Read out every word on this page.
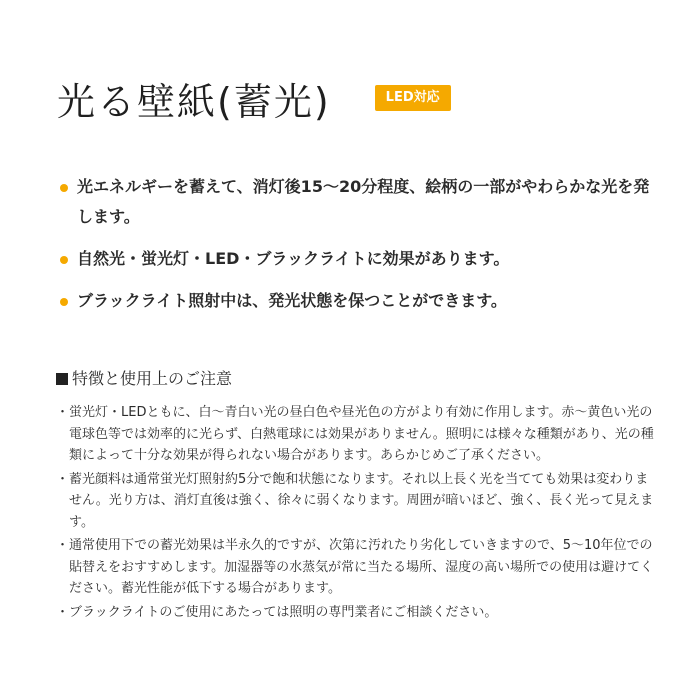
光る壁紙(蓄光)	LED対応
光エネルギーを蓄えて、消灯後15〜20分程度、絵柄の一部がやわらかな光を発します。
自然光・蛍光灯・LED・ブラックライトに効果があります。
ブラックライト照射中は、発光状態を保つことができます。
特徴と使用上のご注意
・ 蛍光灯・LEDともに、白〜青白い光の昼白色や昼光色の方がより有効に作用します。赤〜黄色い光の電球色等では効率的に光らず、白熱電球には効果がありません。照明には様々な種類があり、光の種類によって十分な効果が得られない場合があります。あらかじめご了承ください。
・ 蓄光顔料は通常蛍光灯照射約5分で飽和状態になります。それ以上長く光を当てても効果は変わりません。光り方は、消灯直後は強く、徐々に弱くなります。周囲が暗いほど、強く、長く光って見えます。
・ 通常使用下での蓄光効果は半永久的ですが、次第に汚れたり劣化していきますので、5〜10年位での貼替えをおすすめします。加湿器等の水蒸気が常に当たる場所、湿度の高い場所での使用は避けてください。蓄光性能が低下する場合があります。
・ ブラックライトのご使用にあたっては照明の専門業者にご相談ください。
